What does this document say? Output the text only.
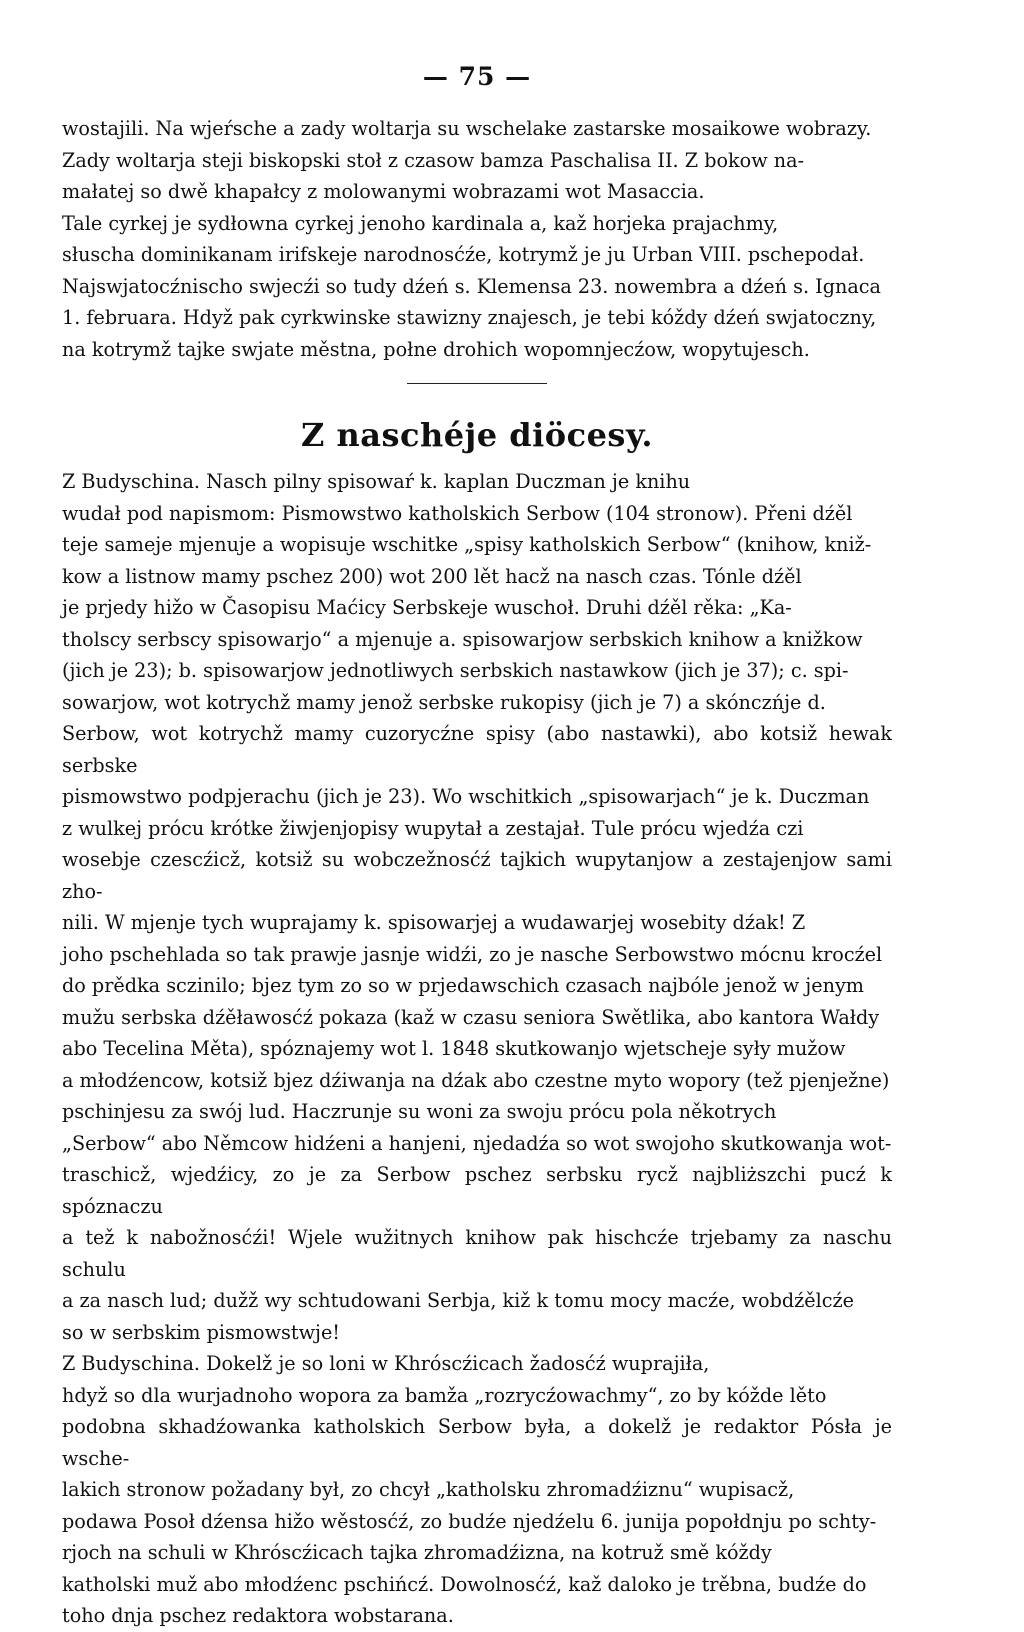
— 75 —

wostajili. Na wjeŕsche a zady woltarja su wschelake zastarske mosaikowe wobrazy.

Zady woltarja steji biskopski stoł z czasow bamza Paschalisa II. Z bokow na-

małatej so dwě khapałcy z molowanymi wobrazami wot Masaccia.

Tale cyrkej je sydłowna cyrkej jenoho kardinala a, kaž horjeka prajachmy,

słuscha dominikanam irifskeje narodnosćźe, kotrymž je ju Urban VIII. pschepodał.

Najswjatocźnischo swjecźi so tudy dźeń s. Klemensa 23. nowembra a dźeń s. Ignaca

1. februara. Hdyž pak cyrkwinske stawizny znajesch, je tebi kóždy dźeń swjatoczny,

na kotrymž tajke swjate městna, połne drohich wopomnjecźow, wopytujesch.

Z naschéje diöcesy.

Z Budyschina. Nasch pilny spisowaŕ k. kaplan Duczman je knihu

wudał pod napismom: Pismowstwo katholskich Serbow (104 stronow). Přeni dźěl

teje sameje mjenuje a wopisuje wschitke „spisy katholskich Serbow“ (knihow, kniž-

kow a listnow mamy pschez 200) wot 200 lět hacž na nasch czas. Tónle dźěl

je prjedy hižo w Časopisu Maćicy Serbskeje wuschoł. Druhi dźěl rěka: „Ka-

tholscy serbscy spisowarjo“ a mjenuje a. spisowarjow serbskich knihow a knižkow

(jich je 23); b. spisowarjow jednotliwych serbskich nastawkow (jich je 37); c. spi-

sowarjow, wot kotrychž mamy jenož serbske rukopisy (jich je 7) a skónczńje d.

Serbow, wot kotrychž mamy cuzorycźne spisy (abo nastawki), abo kotsiž hewak serbske

pismowstwo podpjerachu (jich je 23). Wo wschitkich „spisowarjach“ je k. Duczman

z wulkej prócu krótke žiwjenjopisy wupytał a zestajał. Tule prócu wjedźa czi

wosebje czescźicž, kotsiž su wobczežnosćź tajkich wupytanjow a zestajenjow sami zho-

nili. W mjenje tych wuprajamy k. spisowarjej a wudawarjej wosebity dźak! Z

joho pschehlada so tak prawje jasnje widźi, zo je nasche Serbowstwo mócnu krocźel

do prědka sczinilo; bjez tym zo so w prjedawschich czasach najbóle jenož w jenym

mužu serbska dźěławosćź pokaza (kaž w czasu seniora Swětlika, abo kantora Wałdy

abo Tecelina Měta), spóznajemy wot l. 1848 skutkowanjo wjetscheje syły mužow

a młodźencow, kotsiž bjez dźiwanja na dźak abo czestne myto wopory (tež pjenježne)

pschinjesu za swój lud. Haczrunje su woni za swoju prócu pola někotrych

„Serbow“ abo Němcow hidźeni a hanjeni, njedadźa so wot swojoho skutkowanja wot-

traschicž, wjedźicy, zo je za Serbow pschez serbsku rycž najbliższchi pucź k spóznaczu

a tež k nabožnosćźi! Wjele wužitnych knihow pak hischcźe trjebamy za naschu schulu

a za nasch lud; dužž wy schtudowani Serbja, kiž k tomu mocy macźe, wobdźělcźe

so w serbskim pismowstwje!

Z Budyschina. Dokelž je so loni w Khróscźicach žadosćź wuprajiła,

hdyž so dla wurjadnoho wopora za bamža „rozrycźowachmy“, zo by kóžde lěto

podobna skhadźowanka katholskich Serbow była, a dokelž je redaktor Pósła je wsche-

lakich stronow požadany był, zo chcył „katholsku zhromadźiznu“ wupisacž,

podawa Posoł dźensa hižo wěstosćź, zo budźe njedźelu 6. junija popołdnju po schty-

rjoch na schuli w Khróscźicach tajka zhromadźizna, na kotruž smě kóždy

katholski muž abo młodźenc pschińcź. Dowolnosćź, kaž daloko je trěbna, budźe do

toho dnja pschez redaktora wobstarana.
